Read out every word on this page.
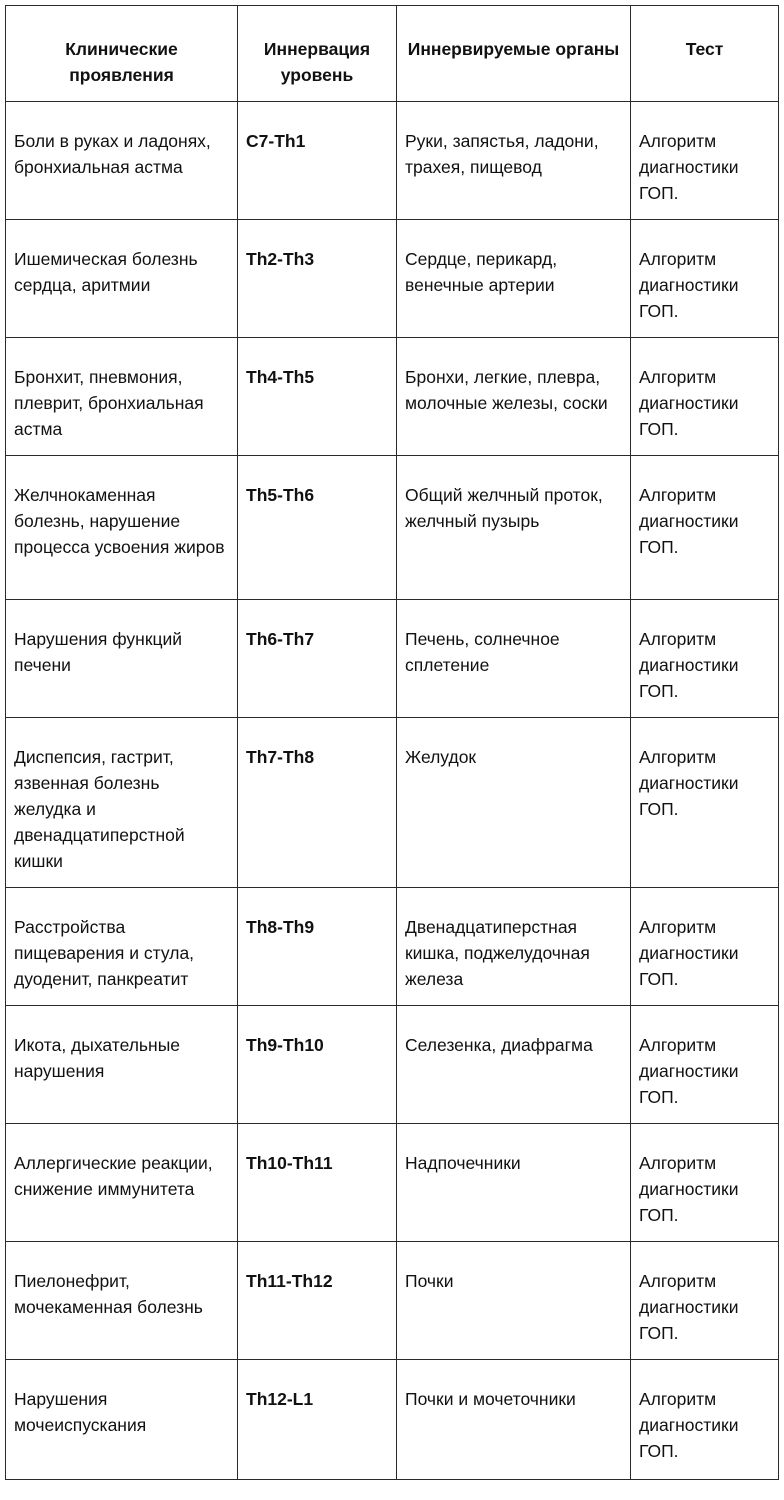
Клинические проявления	Иннервация уровень	Иннервируемые органы	Тест
Боли в руках и ладонях, бронхиальная астма	C7-Th1	Руки, запястья, ладони, трахея, пищевод	Алгоритм диагностики ГОП.
Ишемическая болезнь сердца, аритмии	Th2-Th3	Сердце, перикард, венечные артерии	Алгоритм диагностики ГОП.
Бронхит, пневмония, плеврит, бронхиальная астма	Th4-Th5	Бронхи, легкие, плевра, молочные железы, соски	Алгоритм диагностики ГОП.
Желчнокаменная болезнь, нарушение процесса усвоения жиров	Th5-Th6	Общий желчный проток, желчный пузырь	Алгоритм диагностики ГОП.
Нарушения функций печени	Th6-Th7	Печень, солнечное сплетение	Алгоритм диагностики ГОП.
Диспепсия, гастрит, язвенная болезнь желудка и двенадцатиперстной кишки	Th7-Th8	Желудок	Алгоритм диагностики ГОП.
Расстройства пищеварения и стула, дуоденит, панкреатит	Th8-Th9	Двенадцатиперстная кишка, поджелудочная железа	Алгоритм диагностики ГОП.
Икота, дыхательные нарушения	Th9-Th10	Селезенка, диафрагма	Алгоритм диагностики ГОП.
Аллергические реакции, снижение иммунитета	Th10-Th11	Надпочечники	Алгоритм диагностики ГОП.
Пиелонефрит, мочекаменная болезнь	Th11-Th12	Почки	Алгоритм диагностики ГОП.
Нарушения мочеиспускания	Th12-L1	Почки и мочеточники	Алгоритм диагностики ГОП.
